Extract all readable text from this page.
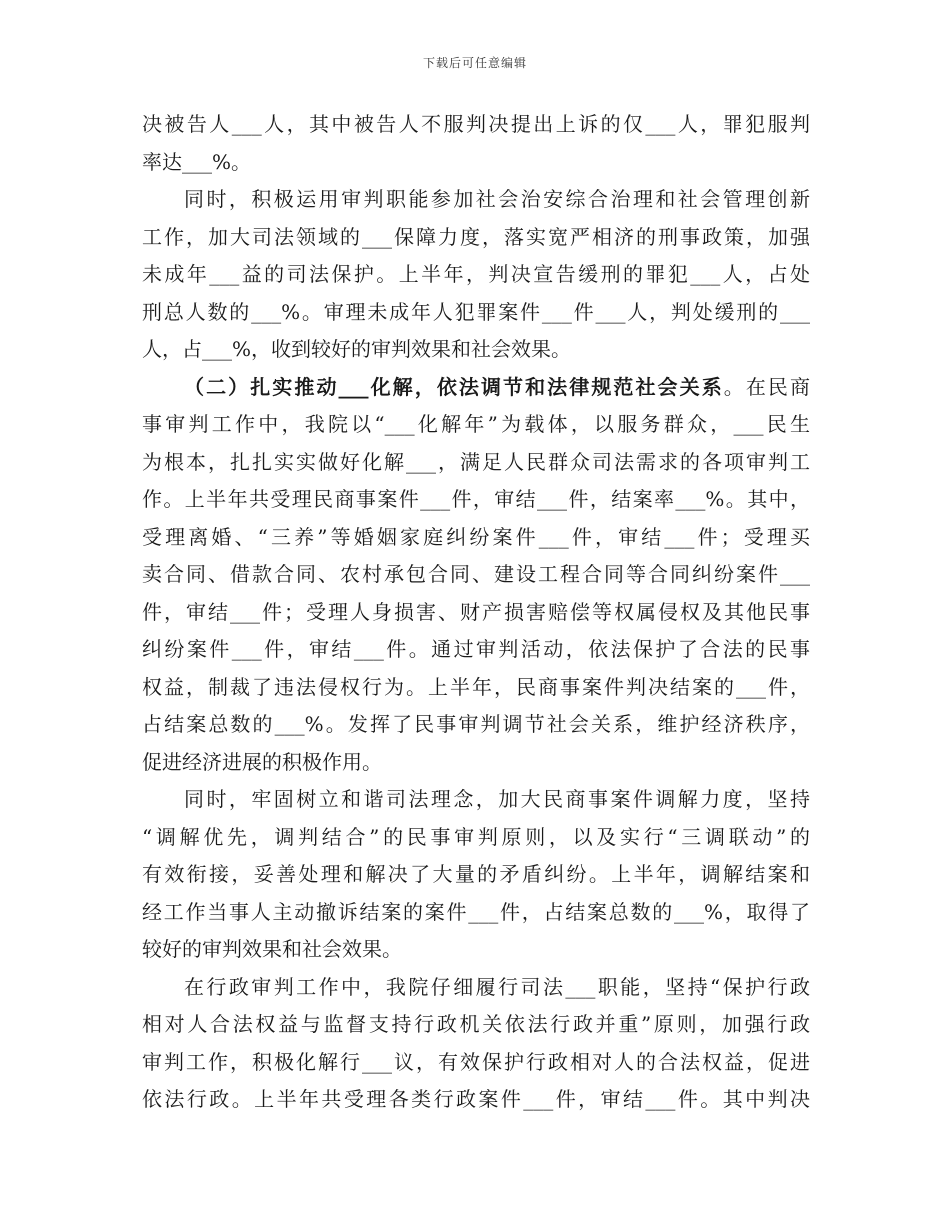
下载后可任意编辑
决被告人___人，其中被告人不服判决提出上诉的仅___人，罪犯服判
率达___%。
同时，积极运用审判职能参加社会治安综合治理和社会管理创新
工作，加大司法领域的___保障力度，落实宽严相济的刑事政策，加强
未成年___益的司法保护。上半年，判决宣告缓刑的罪犯___人，占处
刑总人数的___%。审理未成年人犯罪案件___件___人，判处缓刑的___
人，占___%，收到较好的审判效果和社会效果。
（二）扎实推动___化解，依法调节和法律规范社会关系。在民商
事审判工作中，我院以“___化解年”为载体，以服务群众，___民生
为根本，扎扎实实做好化解___，满足人民群众司法需求的各项审判工
作。上半年共受理民商事案件___件，审结___件，结案率___%。其中，
受理离婚、“三养”等婚姻家庭纠纷案件___件，审结___件；受理买
卖合同、借款合同、农村承包合同、建设工程合同等合同纠纷案件___
件，审结___件；受理人身损害、财产损害赔偿等权属侵权及其他民事
纠纷案件___件，审结___件。通过审判活动，依法保护了合法的民事
权益，制裁了违法侵权行为。上半年，民商事案件判决结案的___件，
占结案总数的___%。发挥了民事审判调节社会关系，维护经济秩序，
促进经济进展的积极作用。
同时，牢固树立和谐司法理念，加大民商事案件调解力度，坚持
“调解优先，调判结合”的民事审判原则，以及实行“三调联动”的
有效衔接，妥善处理和解决了大量的矛盾纠纷。上半年，调解结案和
经工作当事人主动撤诉结案的案件___件，占结案总数的___%，取得了
较好的审判效果和社会效果。
在行政审判工作中，我院仔细履行司法___职能，坚持“保护行政
相对人合法权益与监督支持行政机关依法行政并重”原则，加强行政
审判工作，积极化解行___议，有效保护行政相对人的合法权益，促进
依法行政。上半年共受理各类行政案件___件，审结___件。其中判决
